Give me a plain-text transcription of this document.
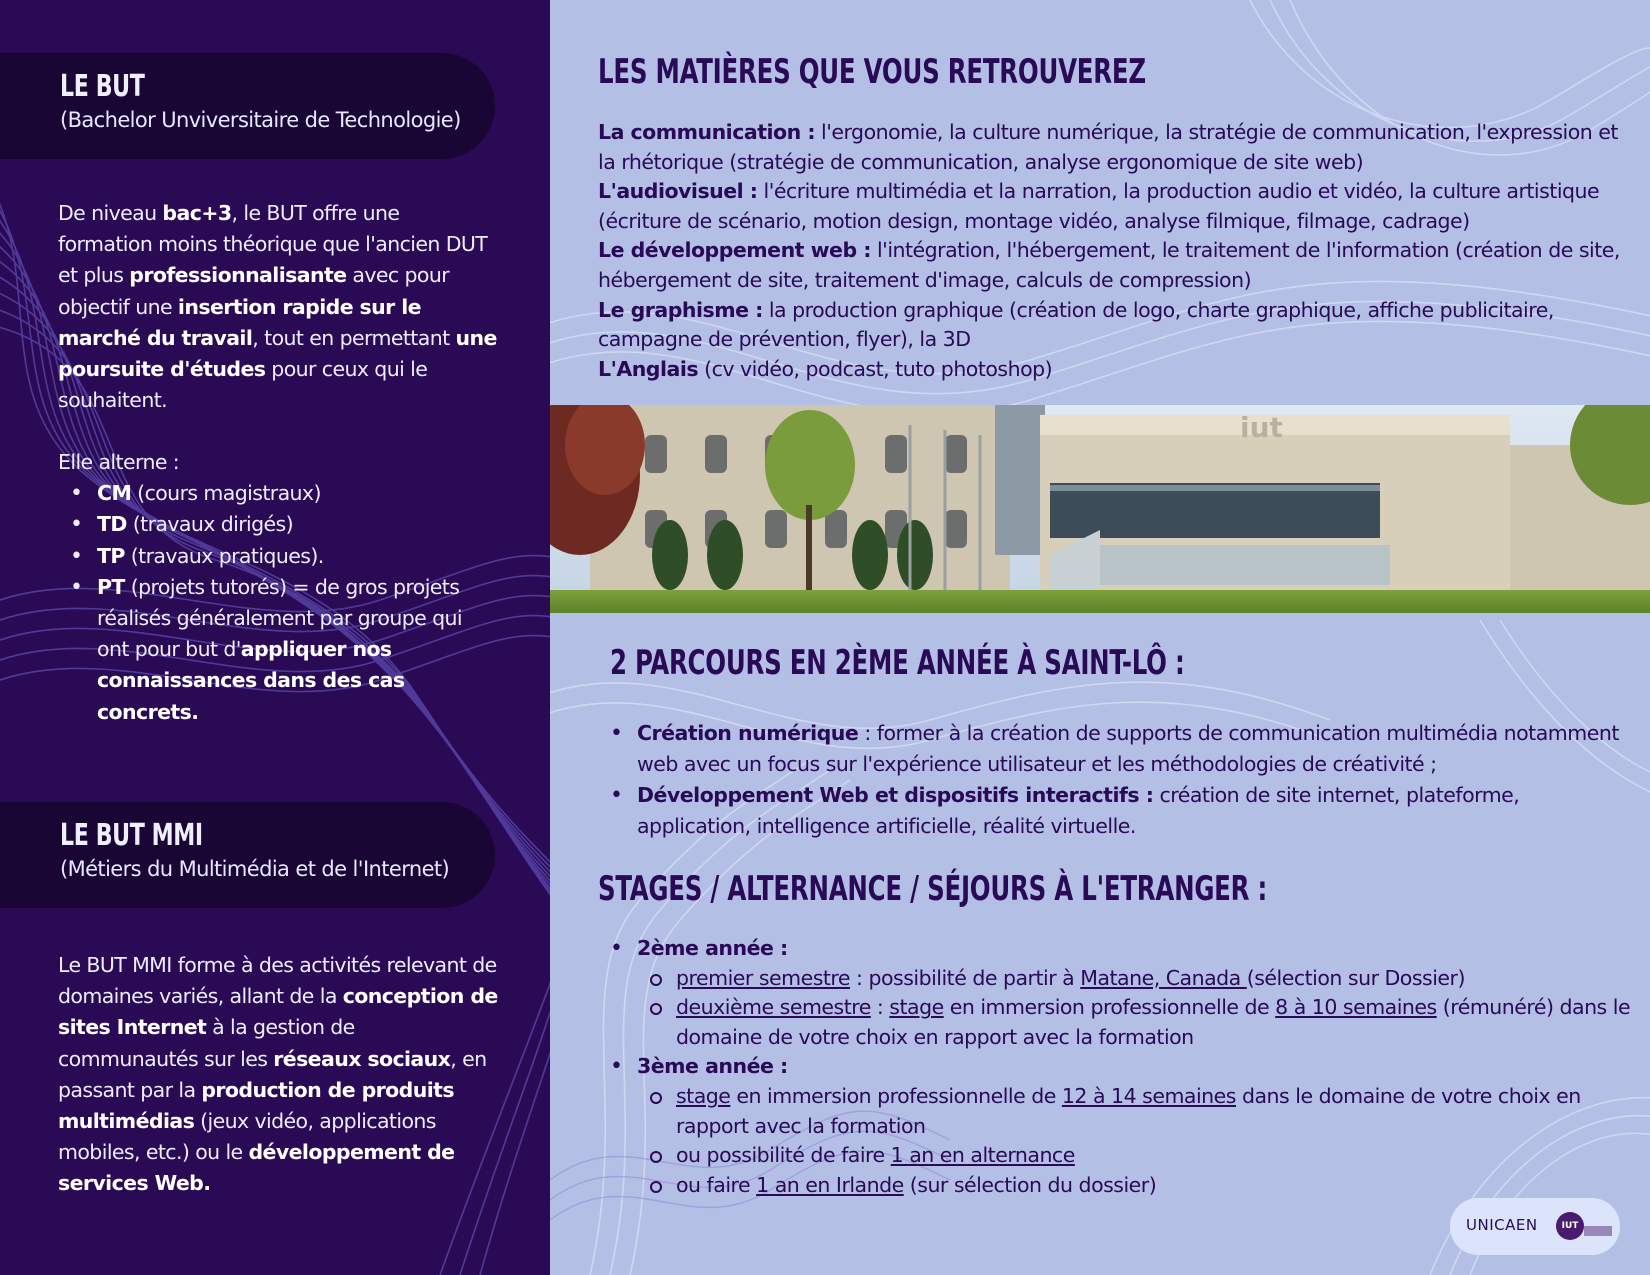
LE BUT
(Bachelor Unviversitaire de Technologie)
De niveau bac+3, le BUT offre une formation moins théorique que l'ancien DUT et plus professionnalisante avec pour objectif une insertion rapide sur le marché du travail, tout en permettant une poursuite d'études pour ceux qui le souhaitent.
Elle alterne :
• CM (cours magistraux)
• TD (travaux dirigés)
• TP (travaux pratiques).
• PT (projets tutorés) = de gros projets réalisés généralement par groupe qui ont pour but d'appliquer nos connaissances dans des cas concrets.
LE BUT MMI
(Métiers du Multimédia et de l'Internet)
Le BUT MMI forme à des activités relevant de domaines variés, allant de la conception de sites Internet à la gestion de communautés sur les réseaux sociaux, en passant par la production de produits multimédias (jeux vidéo, applications mobiles, etc.) ou le développement de services Web.
LES MATIÈRES QUE VOUS RETROUVEREZ
La communication : l'ergonomie, la culture numérique, la stratégie de communication, l'expression et la rhétorique (stratégie de communication, analyse ergonomique de site web)
L'audiovisuel : l'écriture multimédia et la narration, la production audio et vidéo, la culture artistique (écriture de scénario, motion design, montage vidéo, analyse filmique, filmage, cadrage)
Le développement web : l'intégration, l'hébergement, le traitement de l'information (création de site, hébergement de site, traitement d'image, calculs de compression)
Le graphisme : la production graphique (création de logo, charte graphique, affiche publicitaire, campagne de prévention, flyer), la 3D
L'Anglais (cv vidéo, podcast, tuto photoshop)
iut
2 PARCOURS EN 2ÈME ANNÉE À SAINT-LÔ :
• Création numérique : former à la création de supports de communication multimédia notamment web avec un focus sur l'expérience utilisateur et les méthodologies de créativité ;
• Développement Web et dispositifs interactifs : création de site internet, plateforme, application, intelligence artificielle, réalité virtuelle.
STAGES / ALTERNANCE / SÉJOURS À L'ETRANGER :
• 2ème année :
premier semestre : possibilité de partir à Matane, Canada (sélection sur Dossier)
deuxième semestre : stage en immersion professionnelle de 8 à 10 semaines (rémunéré) dans le domaine de votre choix en rapport avec la formation
• 3ème année :
stage en immersion professionnelle de 12 à 14 semaines dans le domaine de votre choix en rapport avec la formation
ou possibilité de faire 1 an en alternance
ou faire 1 an en Irlande (sur sélection du dossier)
UNICAEN	IUT
